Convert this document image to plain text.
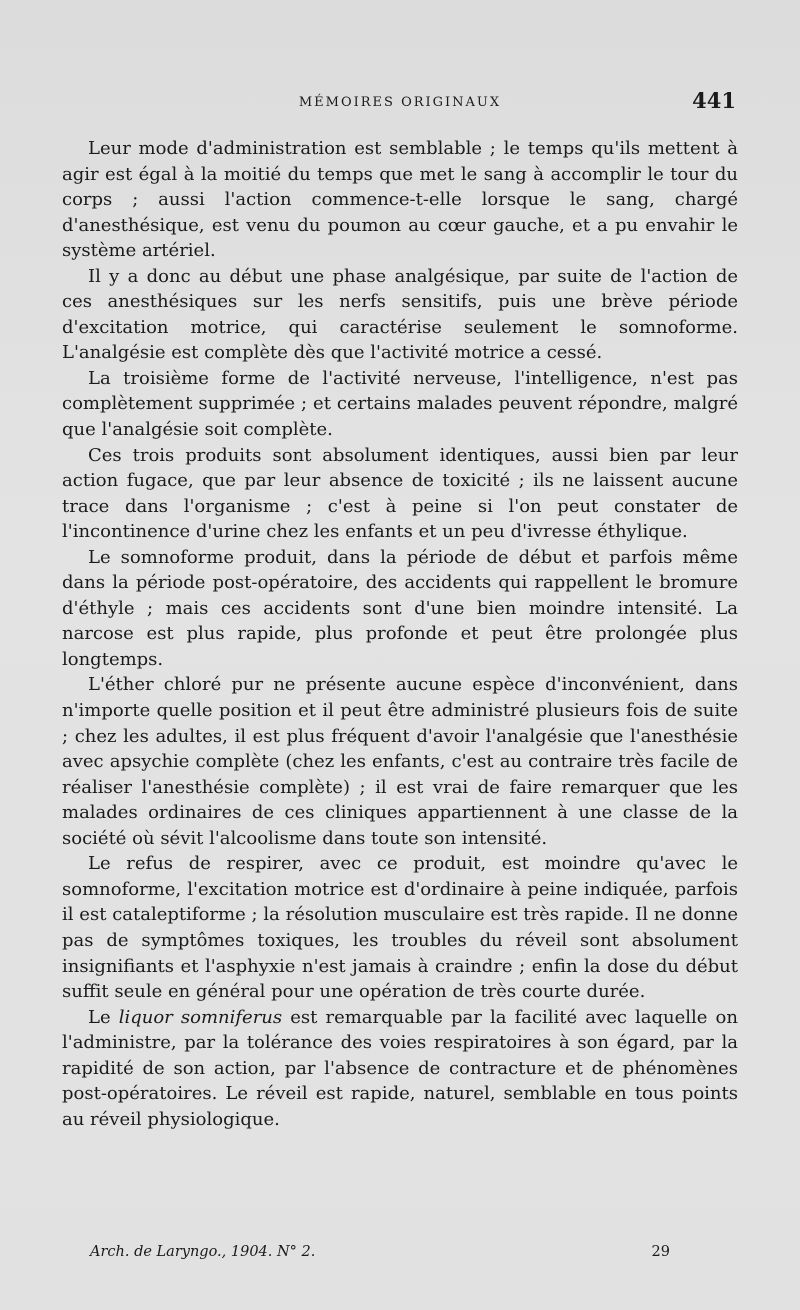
MÉMOIRES ORIGINAUX	441

Leur mode d'administration est semblable ; le temps qu'ils mettent à agir est égal à la moitié du temps que met le sang à accomplir le tour du corps ; aussi l'action commence-t-elle lorsque le sang, chargé d'anesthésique, est venu du poumon au cœur gauche, et a pu envahir le système artériel.

Il y a donc au début une phase analgésique, par suite de l'action de ces anesthésiques sur les nerfs sensitifs, puis une brève période d'excitation motrice, qui caractérise seulement le somnoforme. L'analgésie est complète dès que l'activité motrice a cessé.

La troisième forme de l'activité nerveuse, l'intelligence, n'est pas complètement supprimée ; et certains malades peuvent répondre, malgré que l'analgésie soit complète.

Ces trois produits sont absolument identiques, aussi bien par leur action fugace, que par leur absence de toxicité ; ils ne laissent aucune trace dans l'organisme ; c'est à peine si l'on peut constater de l'incontinence d'urine chez les enfants et un peu d'ivresse éthylique.

Le somnoforme produit, dans la période de début et parfois même dans la période post-opératoire, des accidents qui rappellent le bromure d'éthyle ; mais ces accidents sont d'une bien moindre intensité. La narcose est plus rapide, plus profonde et peut être prolongée plus longtemps.

L'éther chloré pur ne présente aucune espèce d'inconvénient, dans n'importe quelle position et il peut être administré plusieurs fois de suite ; chez les adultes, il est plus fréquent d'avoir l'analgésie que l'anesthésie avec apsychie complète (chez les enfants, c'est au contraire très facile de réaliser l'anesthésie complète) ; il est vrai de faire remarquer que les malades ordinaires de ces cliniques appartiennent à une classe de la société où sévit l'alcoolisme dans toute son intensité.

Le refus de respirer, avec ce produit, est moindre qu'avec le somnoforme, l'excitation motrice est d'ordinaire à peine indiquée, parfois il est cataleptiforme ; la résolution musculaire est très rapide. Il ne donne pas de symptômes toxiques, les troubles du réveil sont absolument insignifiants et l'asphyxie n'est jamais à craindre ; enfin la dose du début suffit seule en général pour une opération de très courte durée.

Le liquor somniferus est remarquable par la facilité avec laquelle on l'administre, par la tolérance des voies respiratoires à son égard, par la rapidité de son action, par l'absence de contracture et de phénomènes post-opératoires. Le réveil est rapide, naturel, semblable en tous points au réveil physiologique.

Arch. de Laryngo., 1904. N° 2.	29
